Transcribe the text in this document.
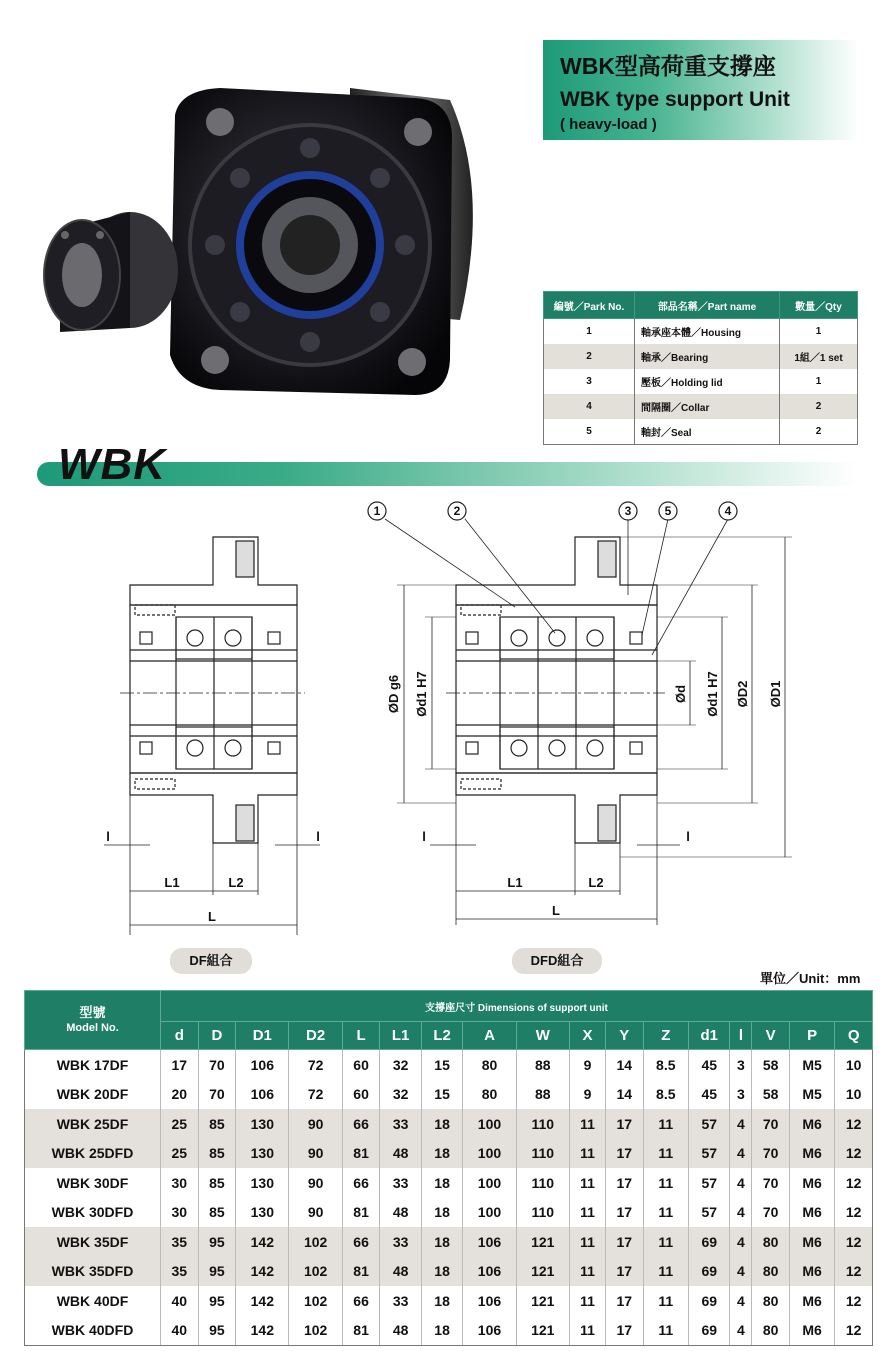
WBK型高荷重支撐座
WBK type support Unit
( heavy-load )
編號／Park No.	部品名稱／Part name	數量／Qty
1	軸承座本體／Housing	1
2	軸承／Bearing	1組／1 set
3	壓板／Holding lid	1
4	間隔圈／Collar	2
5	軸封／Seal	2
WBK
1	2	3	5	4
L1	L2
L
l	l
L1	L2
L
l	l
ØD g6 Ød1 H7	Ød Ød1 H7 ØD2 ØD1
DF組合	DFD組合
單位／Unit：mm
型號
Model No.	支撐座尺寸 Dimensions of support unit																
	d	D	D1	D2	L	L1	L2	A	W	X	Y	Z	d1	l	V	P	Q
WBK 17DF	17	70	106	72	60	32	15	80	88	9	14	8.5	45	3	58	M5	10
WBK 20DF	20	70	106	72	60	32	15	80	88	9	14	8.5	45	3	58	M5	10
WBK 25DF	25	85	130	90	66	33	18	100	110	11	17	11	57	4	70	M6	12
WBK 25DFD	25	85	130	90	81	48	18	100	110	11	17	11	57	4	70	M6	12
WBK 30DF	30	85	130	90	66	33	18	100	110	11	17	11	57	4	70	M6	12
WBK 30DFD	30	85	130	90	81	48	18	100	110	11	17	11	57	4	70	M6	12
WBK 35DF	35	95	142	102	66	33	18	106	121	11	17	11	69	4	80	M6	12
WBK 35DFD	35	95	142	102	81	48	18	106	121	11	17	11	69	4	80	M6	12
WBK 40DF	40	95	142	102	66	33	18	106	121	11	17	11	69	4	80	M6	12
WBK 40DFD	40	95	142	102	81	48	18	106	121	11	17	11	69	4	80	M6	12
